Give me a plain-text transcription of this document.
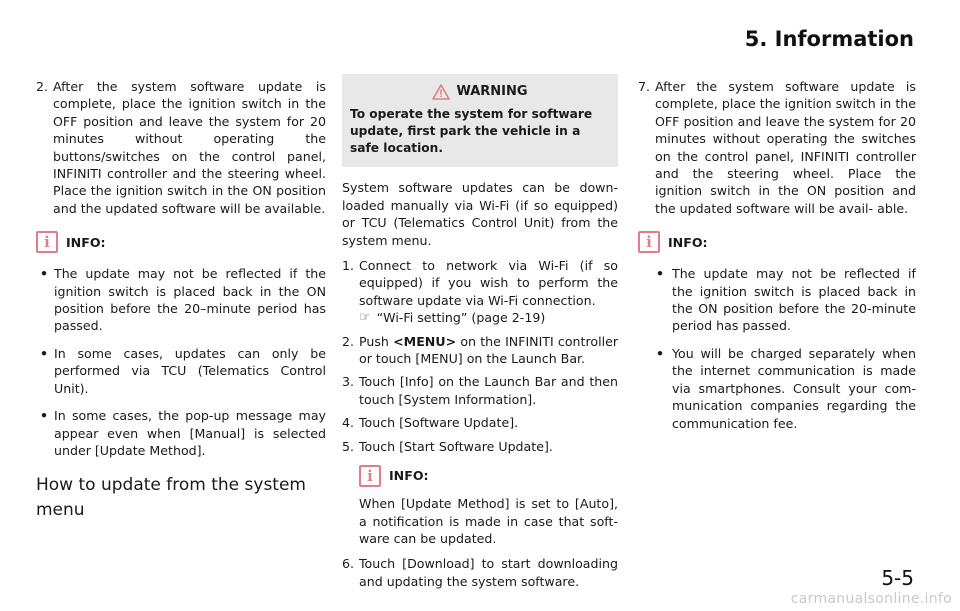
5. Information
2. After the system software update is complete, place the ignition switch in the OFF position and leave the system for 20 minutes without operating the buttons/switches on the control panel, INFINITI controller and the steering wheel. Place the ignition switch in the ON position and the updated software will be available.
i	INFO:
• The update may not be reflected if the ignition switch is placed back in the ON position before the 20–minute period has passed.
• In some cases, updates can only be performed via TCU (Telematics Control Unit).
• In some cases, the pop-up message may appear even when [Manual] is selected under [Update Method].
How to update from the system
menu
WARNING
To operate the system for software update, first park the vehicle in a safe location.
System software updates can be down- loaded manually via Wi-Fi (if so equipped) or TCU (Telematics Control Unit) from the system menu.
1. Connect to network via Wi-Fi (if so equipped) if you wish to perform the software update via Wi-Fi connection.
☞ “Wi-Fi setting” (page 2-19)
2. Push <MENU> on the INFINITI controller or touch [MENU] on the Launch Bar.
3. Touch [Info] on the Launch Bar and then touch [System Information].
4. Touch [Software Update].
5. Touch [Start Software Update].
i	INFO:
When [Update Method] is set to [Auto], a notification is made in case that soft- ware can be updated.
6. Touch [Download] to start downloading and updating the system software.
7. After the system software update is complete, place the ignition switch in the OFF position and leave the system for 20 minutes without operating the switches on the control panel, INFINITI controller and the steering wheel. Place the ignition switch in the ON position and the updated software will be avail- able.
i	INFO:
• The update may not be reflected if the ignition switch is placed back in the ON position before the 20-minute period has passed.
• You will be charged separately when the internet communication is made via smartphones. Consult your com- munication companies regarding the communication fee.
5-5
carmanualsonline.info
